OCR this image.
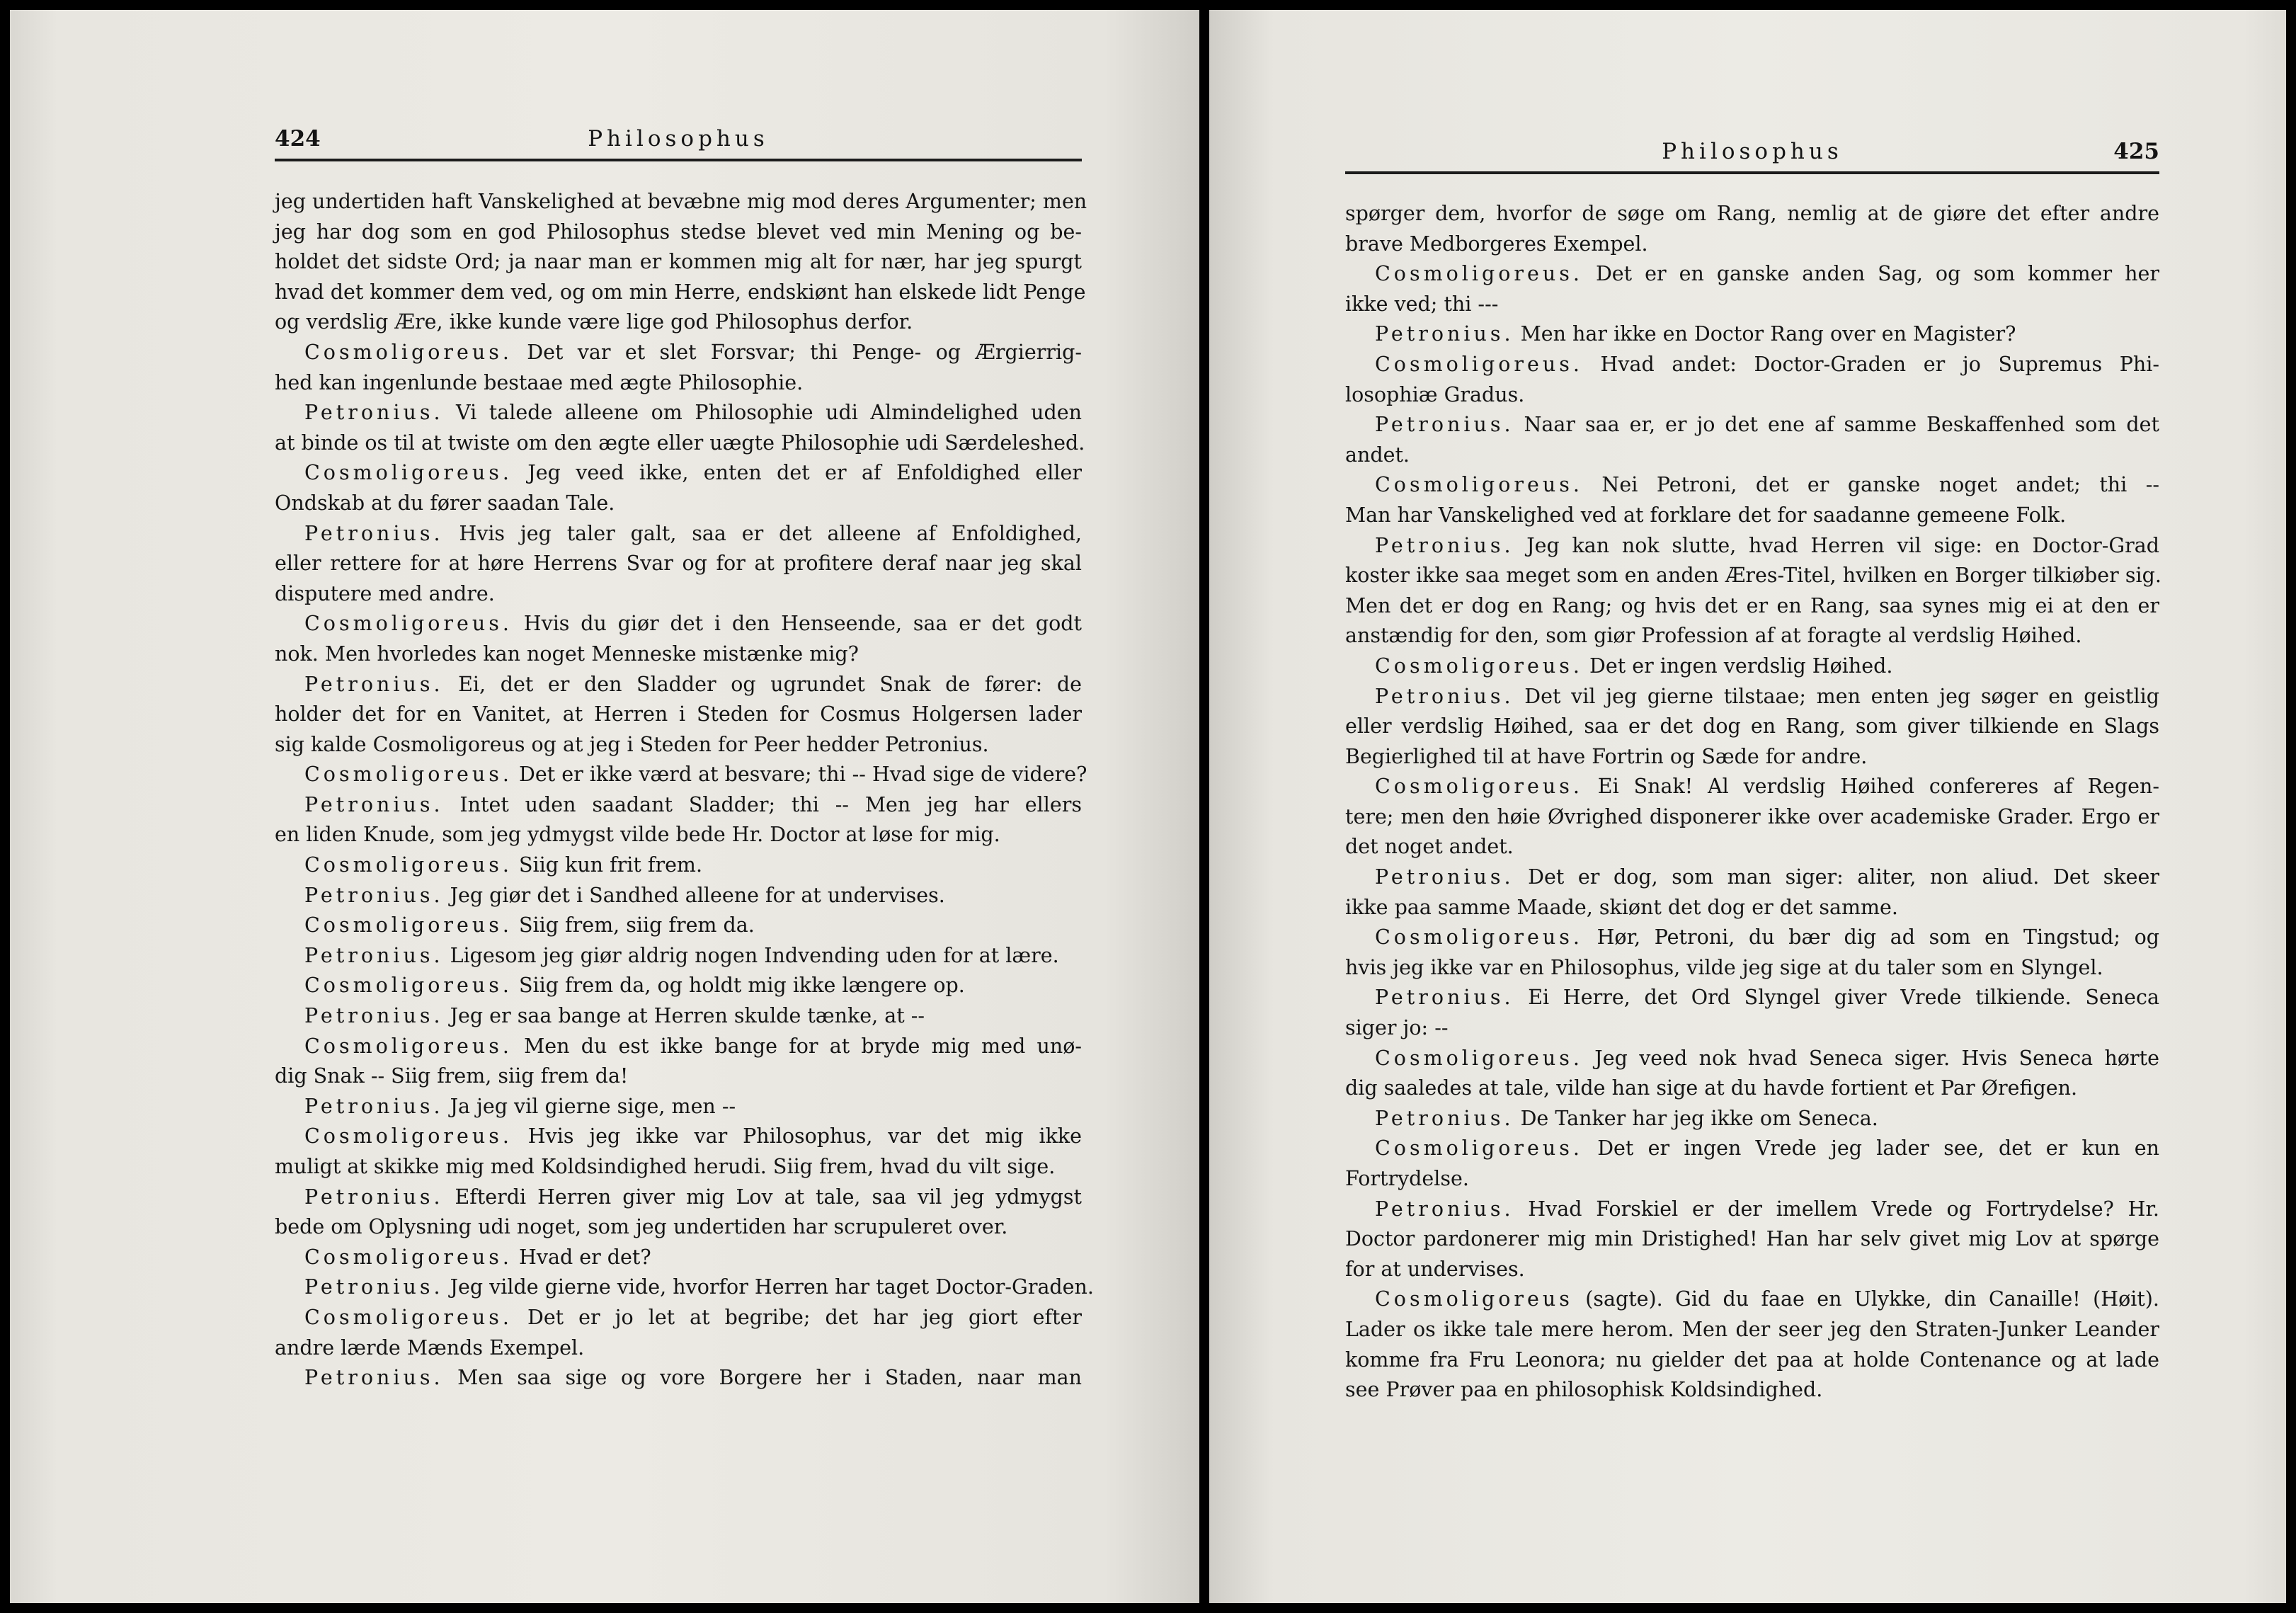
424	Philosophus
jeg undertiden haft Vanskelighed at bevæbne mig mod deres Argumenter; men
jeg har dog som en god Philosophus stedse blevet ved min Mening og be-
holdet det sidste Ord; ja naar man er kommen mig alt for nær, har jeg spurgt
hvad det kommer dem ved, og om min Herre, endskiønt han elskede lidt Penge
og verdslig Ære, ikke kunde være lige god Philosophus derfor.
Cosmoligoreus. Det var et slet Forsvar; thi Penge- og Ærgierrig-
hed kan ingenlunde bestaae med ægte Philosophie.
Petronius. Vi talede alleene om Philosophie udi Almindelighed uden
at binde os til at twiste om den ægte eller uægte Philosophie udi Særdeleshed.
Cosmoligoreus. Jeg veed ikke, enten det er af Enfoldighed eller
Ondskab at du fører saadan Tale.
Petronius. Hvis jeg taler galt, saa er det alleene af Enfoldighed,
eller rettere for at høre Herrens Svar og for at profitere deraf naar jeg skal
disputere med andre.
Cosmoligoreus. Hvis du giør det i den Henseende, saa er det godt
nok. Men hvorledes kan noget Menneske mistænke mig?
Petronius. Ei, det er den Sladder og ugrundet Snak de fører: de
holder det for en Vanitet, at Herren i Steden for Cosmus Holgersen lader
sig kalde Cosmoligoreus og at jeg i Steden for Peer hedder Petronius.
Cosmoligoreus. Det er ikke værd at besvare; thi -- Hvad sige de videre?
Petronius. Intet uden saadant Sladder; thi -- Men jeg har ellers
en liden Knude, som jeg ydmygst vilde bede Hr. Doctor at løse for mig.
Cosmoligoreus. Siig kun frit frem.
Petronius. Jeg giør det i Sandhed alleene for at undervises.
Cosmoligoreus. Siig frem, siig frem da.
Petronius. Ligesom jeg giør aldrig nogen Indvending uden for at lære.
Cosmoligoreus. Siig frem da, og holdt mig ikke længere op.
Petronius. Jeg er saa bange at Herren skulde tænke, at --
Cosmoligoreus. Men du est ikke bange for at bryde mig med unø-
dig Snak -- Siig frem, siig frem da!
Petronius. Ja jeg vil gierne sige, men --
Cosmoligoreus. Hvis jeg ikke var Philosophus, var det mig ikke
muligt at skikke mig med Koldsindighed herudi. Siig frem, hvad du vilt sige.
Petronius. Efterdi Herren giver mig Lov at tale, saa vil jeg ydmygst
bede om Oplysning udi noget, som jeg undertiden har scrupuleret over.
Cosmoligoreus. Hvad er det?
Petronius. Jeg vilde gierne vide, hvorfor Herren har taget Doctor-Graden.
Cosmoligoreus. Det er jo let at begribe; det har jeg giort efter
andre lærde Mænds Exempel.
Petronius. Men saa sige og vore Borgere her i Staden, naar man
Philosophus	425
spørger dem, hvorfor de søge om Rang, nemlig at de giøre det efter andre
brave Medborgeres Exempel.
Cosmoligoreus. Det er en ganske anden Sag, og som kommer her
ikke ved; thi ---
Petronius. Men har ikke en Doctor Rang over en Magister?
Cosmoligoreus. Hvad andet: Doctor-Graden er jo Supremus Phi-
losophiæ Gradus.
Petronius. Naar saa er, er jo det ene af samme Beskaffenhed som det
andet.
Cosmoligoreus. Nei Petroni, det er ganske noget andet; thi --
Man har Vanskelighed ved at forklare det for saadanne gemeene Folk.
Petronius. Jeg kan nok slutte, hvad Herren vil sige: en Doctor-Grad
koster ikke saa meget som en anden Æres-Titel, hvilken en Borger tilkiøber sig.
Men det er dog en Rang; og hvis det er en Rang, saa synes mig ei at den er
anstændig for den, som giør Profession af at foragte al verdslig Høihed.
Cosmoligoreus. Det er ingen verdslig Høihed.
Petronius. Det vil jeg gierne tilstaae; men enten jeg søger en geistlig
eller verdslig Høihed, saa er det dog en Rang, som giver tilkiende en Slags
Begierlighed til at have Fortrin og Sæde for andre.
Cosmoligoreus. Ei Snak! Al verdslig Høihed confereres af Regen-
tere; men den høie Øvrighed disponerer ikke over academiske Grader. Ergo er
det noget andet.
Petronius. Det er dog, som man siger: aliter, non aliud. Det skeer
ikke paa samme Maade, skiønt det dog er det samme.
Cosmoligoreus. Hør, Petroni, du bær dig ad som en Tingstud; og
hvis jeg ikke var en Philosophus, vilde jeg sige at du taler som en Slyngel.
Petronius. Ei Herre, det Ord Slyngel giver Vrede tilkiende. Seneca
siger jo: --
Cosmoligoreus. Jeg veed nok hvad Seneca siger. Hvis Seneca hørte
dig saaledes at tale, vilde han sige at du havde fortient et Par Ørefigen.
Petronius. De Tanker har jeg ikke om Seneca.
Cosmoligoreus. Det er ingen Vrede jeg lader see, det er kun en
Fortrydelse.
Petronius. Hvad Forskiel er der imellem Vrede og Fortrydelse? Hr.
Doctor pardonerer mig min Dristighed! Han har selv givet mig Lov at spørge
for at undervises.
Cosmoligoreus (sagte). Gid du faae en Ulykke, din Canaille! (Høit).
Lader os ikke tale mere herom. Men der seer jeg den Straten-Junker Leander
komme fra Fru Leonora; nu gielder det paa at holde Contenance og at lade
see Prøver paa en philosophisk Koldsindighed.
